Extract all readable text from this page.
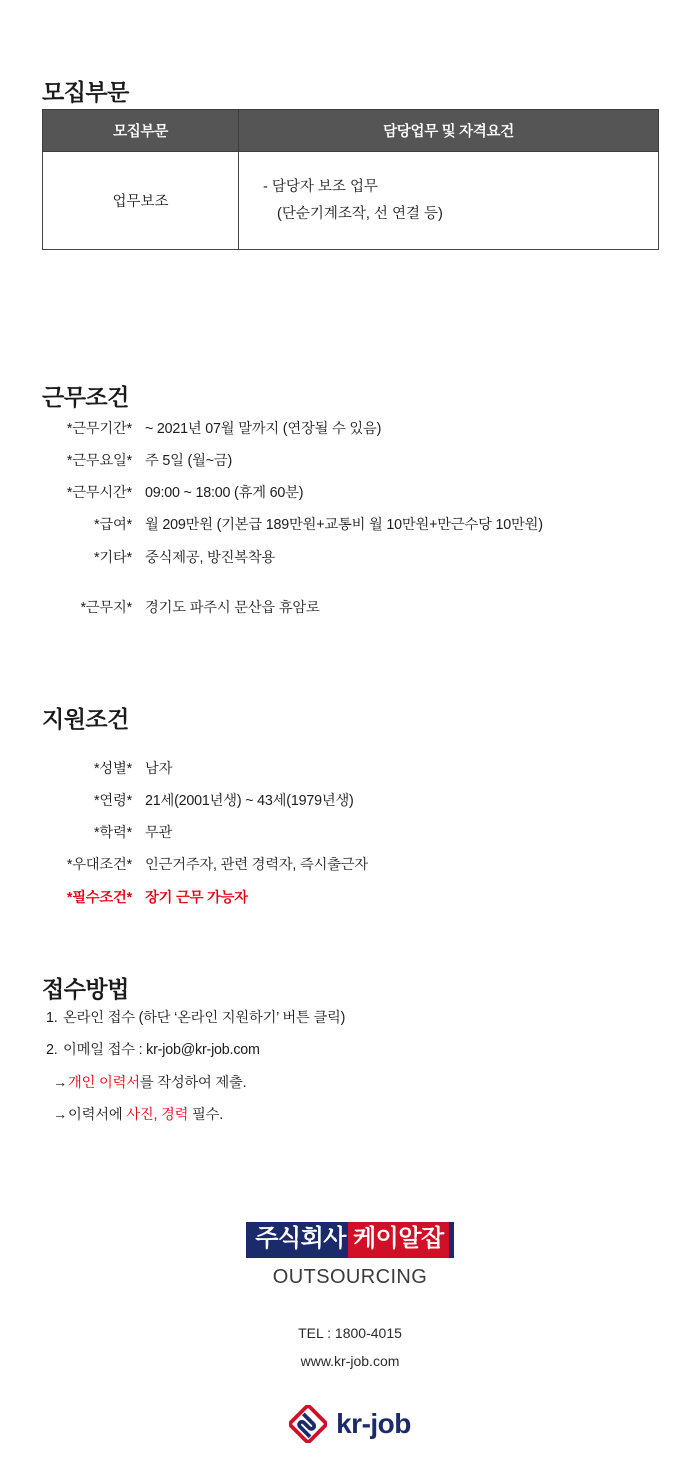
모집부문
모집부문	담당업무 및 자격요건
업무보조	- 담당자 보조 업무
(단순기계조작, 선 연결 등)
근무조건
*근무기간* ~ 2021년 07월 말까지 (연장될 수 있음)
*근무요일* 주 5일 (월~금)
*근무시간* 09:00 ~ 18:00 (휴게 60분)
*급여* 월 209만원 (기본급 189만원+교통비 월 10만원+만근수당 10만원)
*기타* 중식제공, 방진복착용
*근무지* 경기도 파주시 문산읍 휴암로
지원조건
*성별* 남자
*연령* 21세(2001년생) ~ 43세(1979년생)
*학력* 무관
*우대조건* 인근거주자, 관련 경력자, 즉시출근자
*필수조건* 장기 근무 가능자
접수방법
1. 온라인 접수 (하단 ‘온라인 지원하기’ 버튼 클릭)
2. 이메일 접수 : kr-job@kr-job.com
→개인 이력서를 작성하여 제출.
→이력서에 사진, 경력 필수.
주식회사 케이알잡
OUTSOURCING
TEL : 1800-4015
www.kr-job.com
kr-job
